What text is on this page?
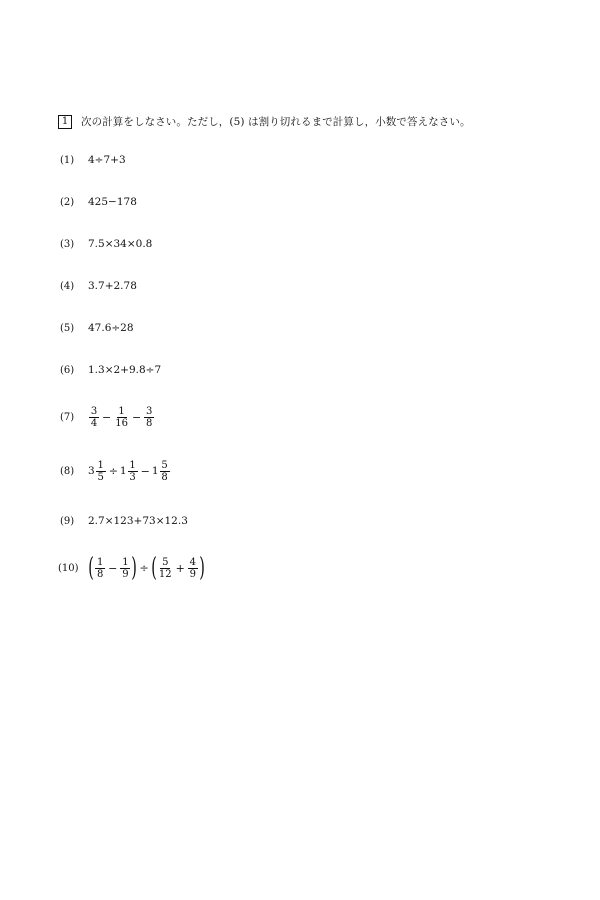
1	次の計算をしなさい。ただし，(5) は割り切れるまで計算し，小数で答えなさい。
(1)	4÷7+3
(2)	425−178
(3)	7.5×34×0.8
(4)	3.7+2.78
(5)	47.6÷28
(6)	1.3×2+9.8÷7
(7)	$\frac{3}{4} - \frac{1}{16} - \frac{3}{8}$
(8)	$3 \frac{1}{5} \div 1 \frac{1}{3} - 1 \frac{5}{8}$
(9)	2.7×123+73×12.3
(10) ( $\frac{1}{8} - \frac{1}{9}$ ) ÷ ( $\frac{5}{12} + \frac{4}{9}$ )
